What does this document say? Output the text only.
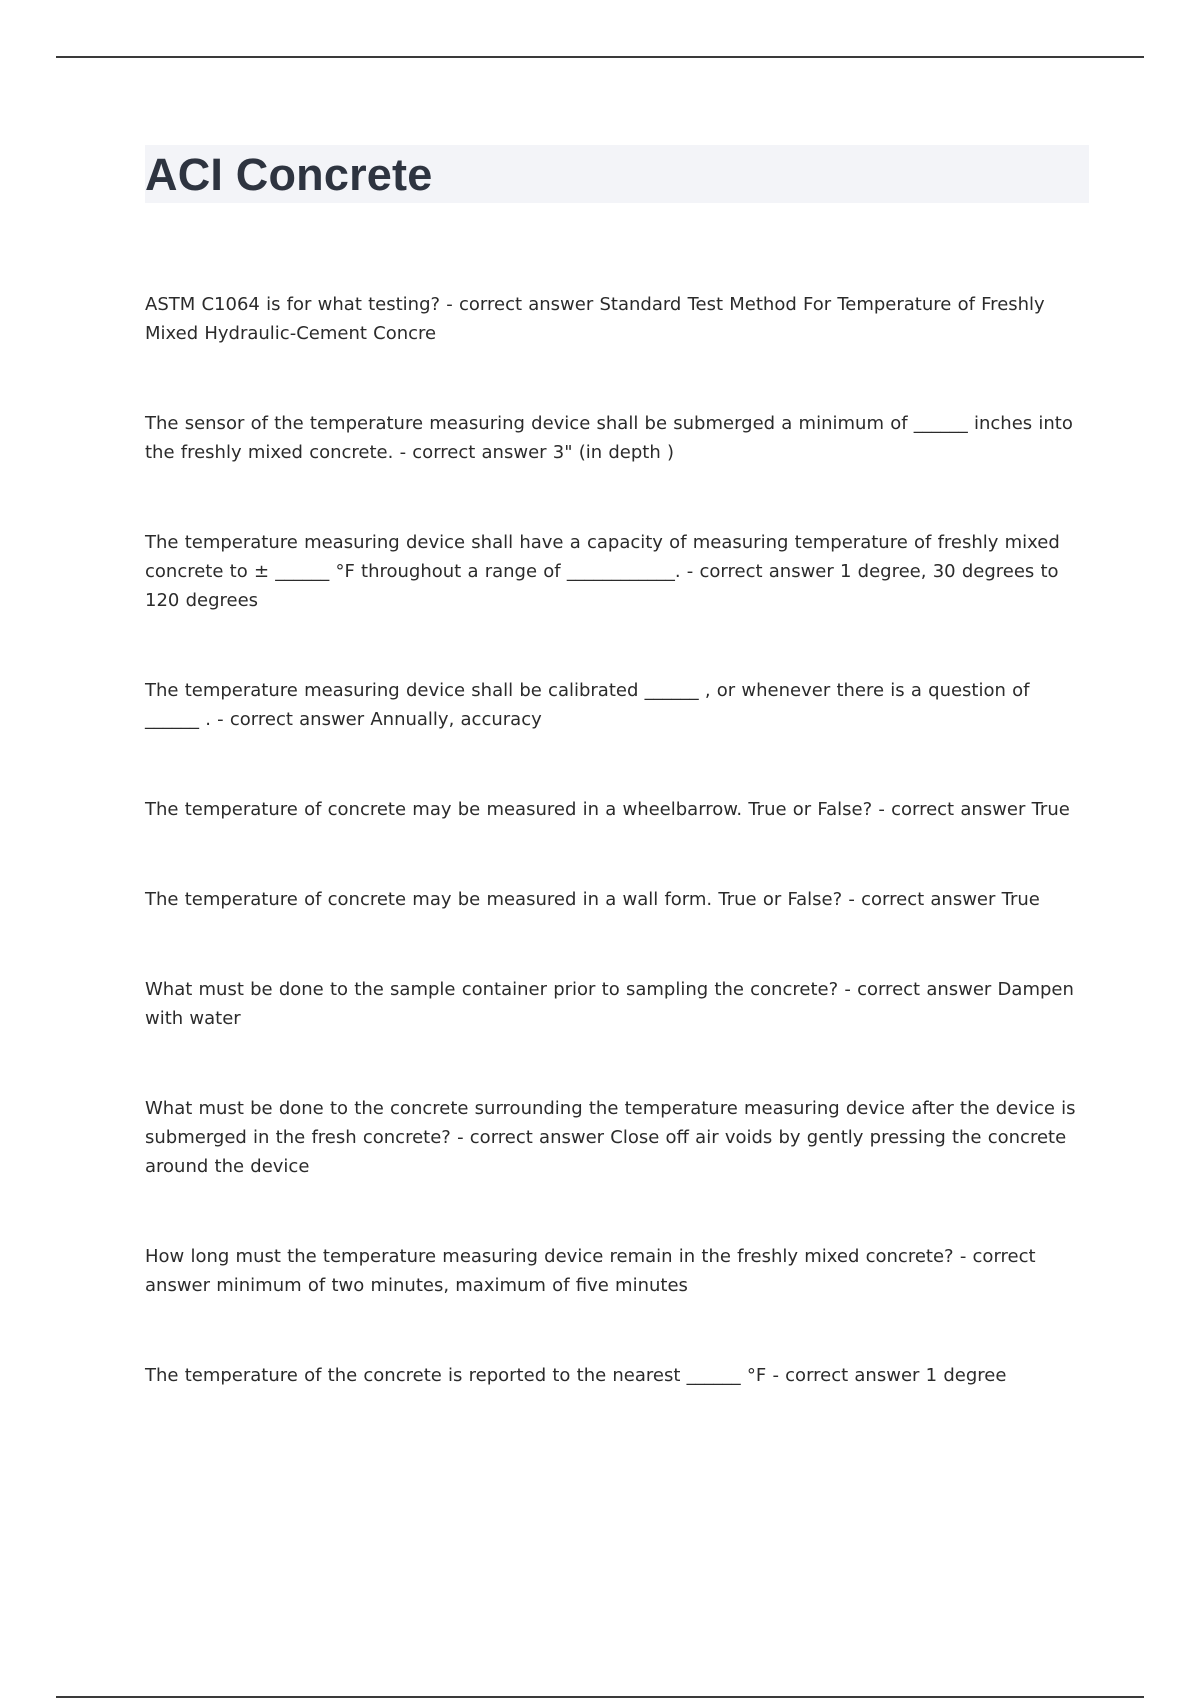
ACI Concrete

ASTM C1064 is for what testing? - correct answer Standard Test Method For Temperature of Freshly Mixed Hydraulic-Cement Concre

The sensor of the temperature measuring device shall be submerged a minimum of ______ inches into the freshly mixed concrete. - correct answer 3" (in depth )

The temperature measuring device shall have a capacity of measuring temperature of freshly mixed concrete to ± ______ °F throughout a range of ____________. - correct answer 1 degree, 30 degrees to 120 degrees

The temperature measuring device shall be calibrated ______ , or whenever there is a question of ______ . - correct answer Annually, accuracy

The temperature of concrete may be measured in a wheelbarrow. True or False? - correct answer True

The temperature of concrete may be measured in a wall form. True or False? - correct answer True

What must be done to the sample container prior to sampling the concrete? - correct answer Dampen with water

What must be done to the concrete surrounding the temperature measuring device after the device is submerged in the fresh concrete? - correct answer Close off air voids by gently pressing the concrete around the device

How long must the temperature measuring device remain in the freshly mixed concrete? - correct answer minimum of two minutes, maximum of five minutes

The temperature of the concrete is reported to the nearest ______ °F - correct answer 1 degree
